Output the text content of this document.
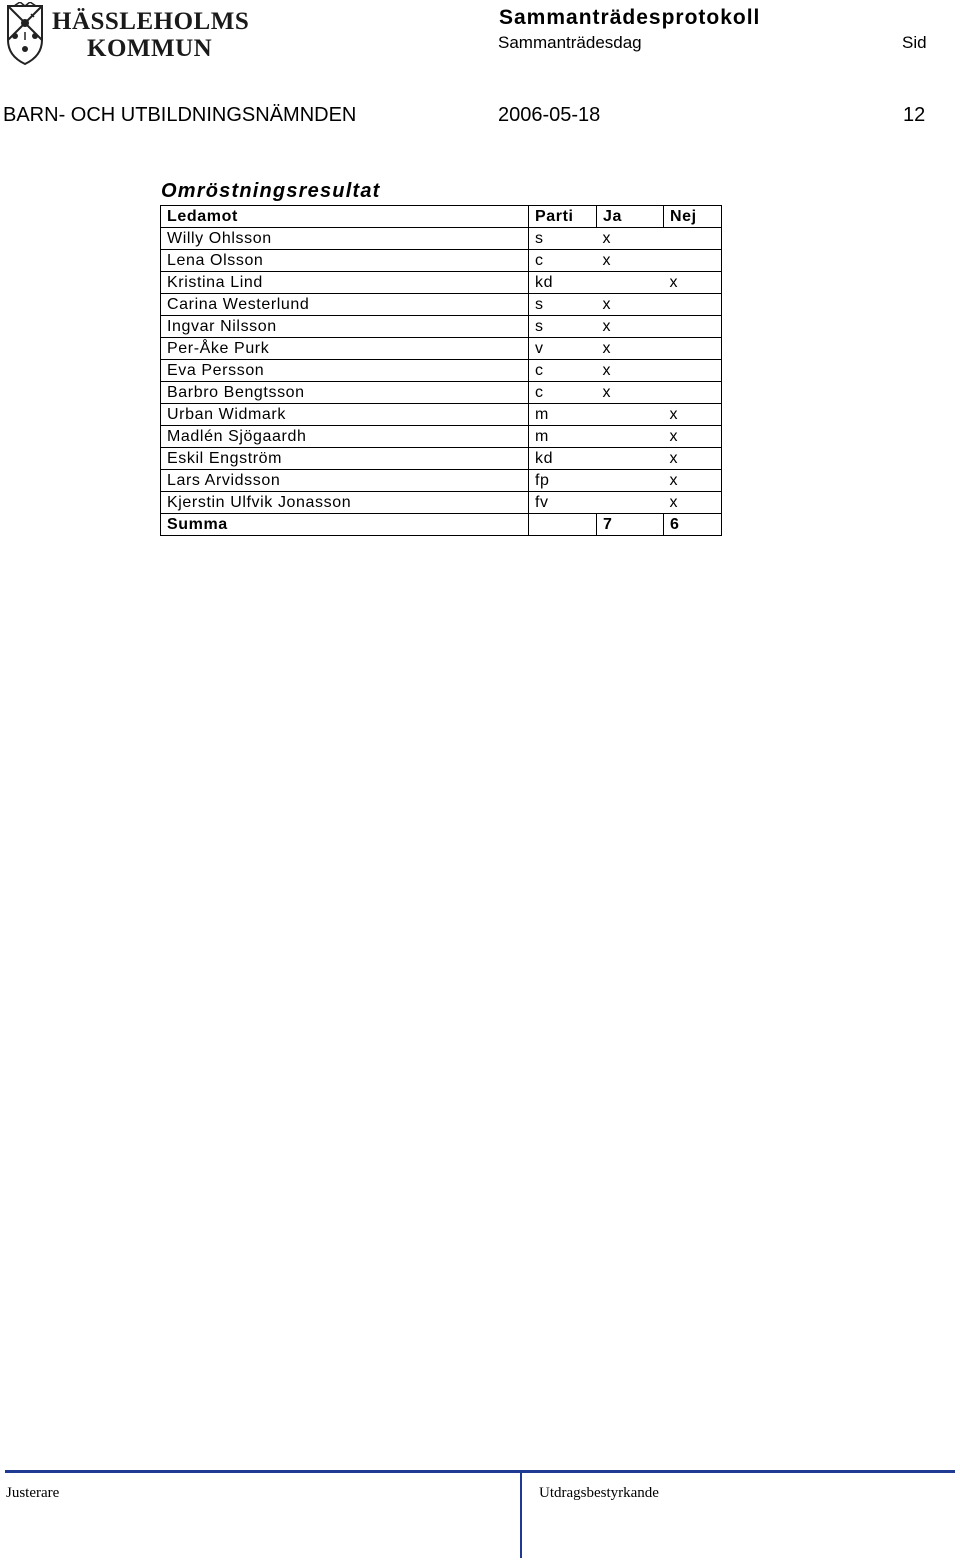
HÄSSLEHOLMS
KOMMUN
Sammanträdesprotokoll
Sammanträdesdag	Sid
BARN- OCH UTBILDNINGSNÄMNDEN	2006-05-18	12
Omröstningsresultat
Ledamot	Parti	Ja	Nej
Willy Ohlsson	s	x	
Lena Olsson	c	x	
Kristina Lind	kd		x
Carina Westerlund	s	x	
Ingvar Nilsson	s	x	
Per-Åke Purk	v	x	
Eva Persson	c	x	
Barbro Bengtsson	c	x	
Urban Widmark	m		x
Madlén Sjögaardh	m		x
Eskil Engström	kd		x
Lars Arvidsson	fp		x
Kjerstin Ulfvik Jonasson	fv		x
Summa		7	6
Justerare	Utdragsbestyrkande
